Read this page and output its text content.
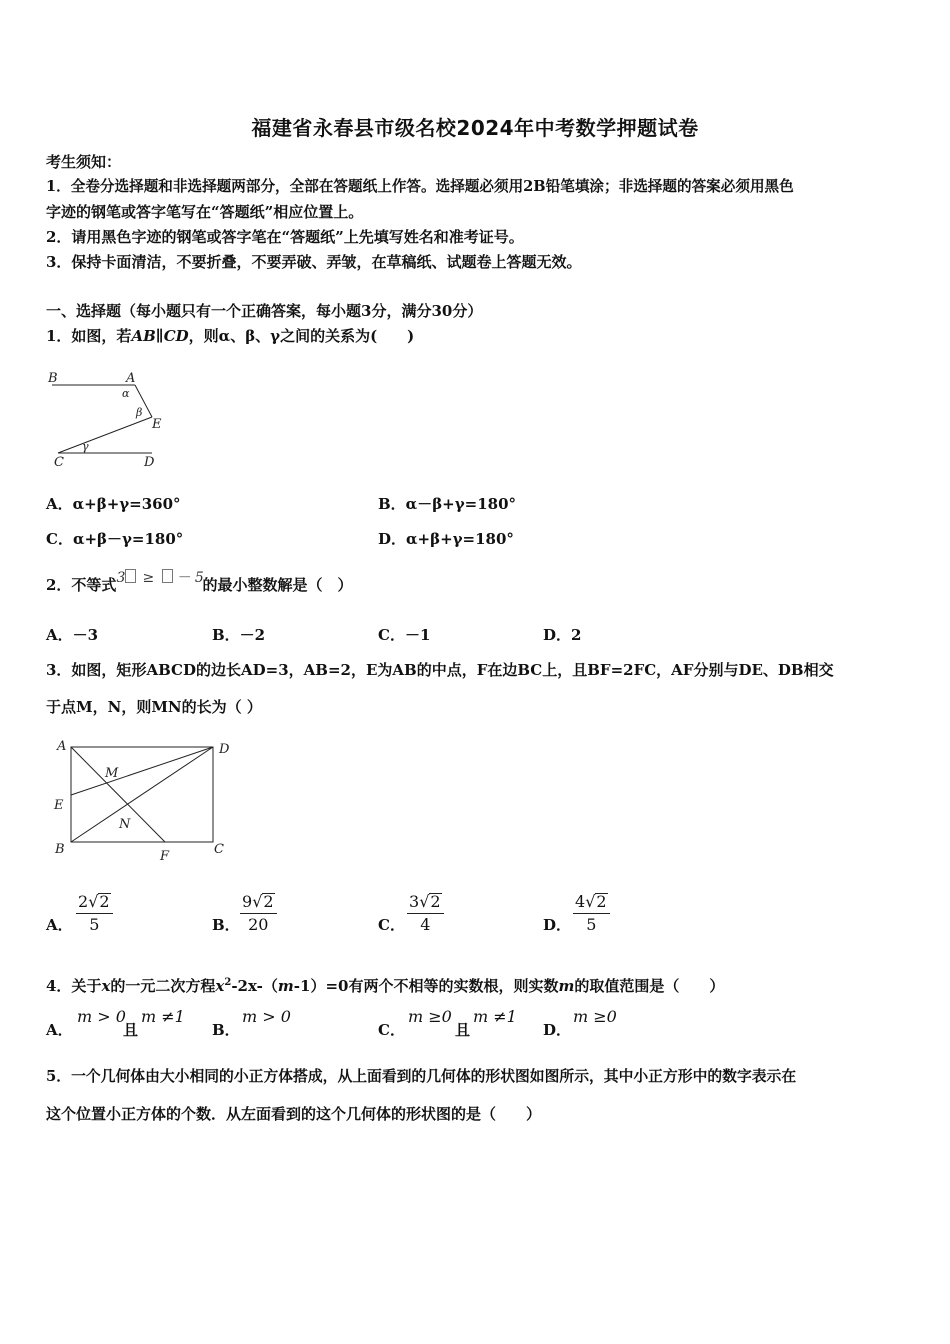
福建省永春县市级名校2024年中考数学押题试卷
考生须知：
1．全卷分选择题和非选择题两部分，全部在答题纸上作答。选择题必须用2B铅笔填涂；非选择题的答案必须用黑色
字迹的钢笔或答字笔写在“答题纸”相应位置上。
2．请用黑色字迹的钢笔或答字笔在“答题纸”上先填写姓名和准考证号。
3．保持卡面清洁，不要折叠，不要弄破、弄皱，在草稿纸、试题卷上答题无效。
一、选择题（每小题只有一个正确答案，每小题3分，满分30分）
1．如图，若AB∥CD，则α、β、γ之间的关系为(　　)
B	A
α
β
E
C
γ
D
A．α+β+γ=360°	B．α－β+γ=180°
C．α+β－γ=180°	D．α+β+γ=180°
2．不等式 3 ≥ － 5
的最小整数解是（　）
A．－3	B．－2	C．－1	D．2
3．如图，矩形ABCD的边长AD=3，AB=2，E为AB的中点，F在边BC上，且BF=2FC，AF分别与DE、DB相交
于点M，N，则MN的长为（ ）
A	D
M
E
N
B	F	C
A． $\frac{2√2}{5}$	B． $\frac{9√2}{20}$	C． $\frac{3√2}{4}$	D． $\frac{4√2}{5}$
4．关于x的一元二次方程$x^2-2x-(m-1)=0$有两个不相等的实数根，则实数m的取值范围是（　　）
A．
m > 0
且
m ≠1
B．
m > 0
C．
m ≥0
且
m ≠1
D．
m ≥0
5．一个几何体由大小相同的小正方体搭成，从上面看到的几何体的形状图如图所示，其中小正方形中的数字表示在
这个位置小正方体的个数．从左面看到的这个几何体的形状图的是（　　）
